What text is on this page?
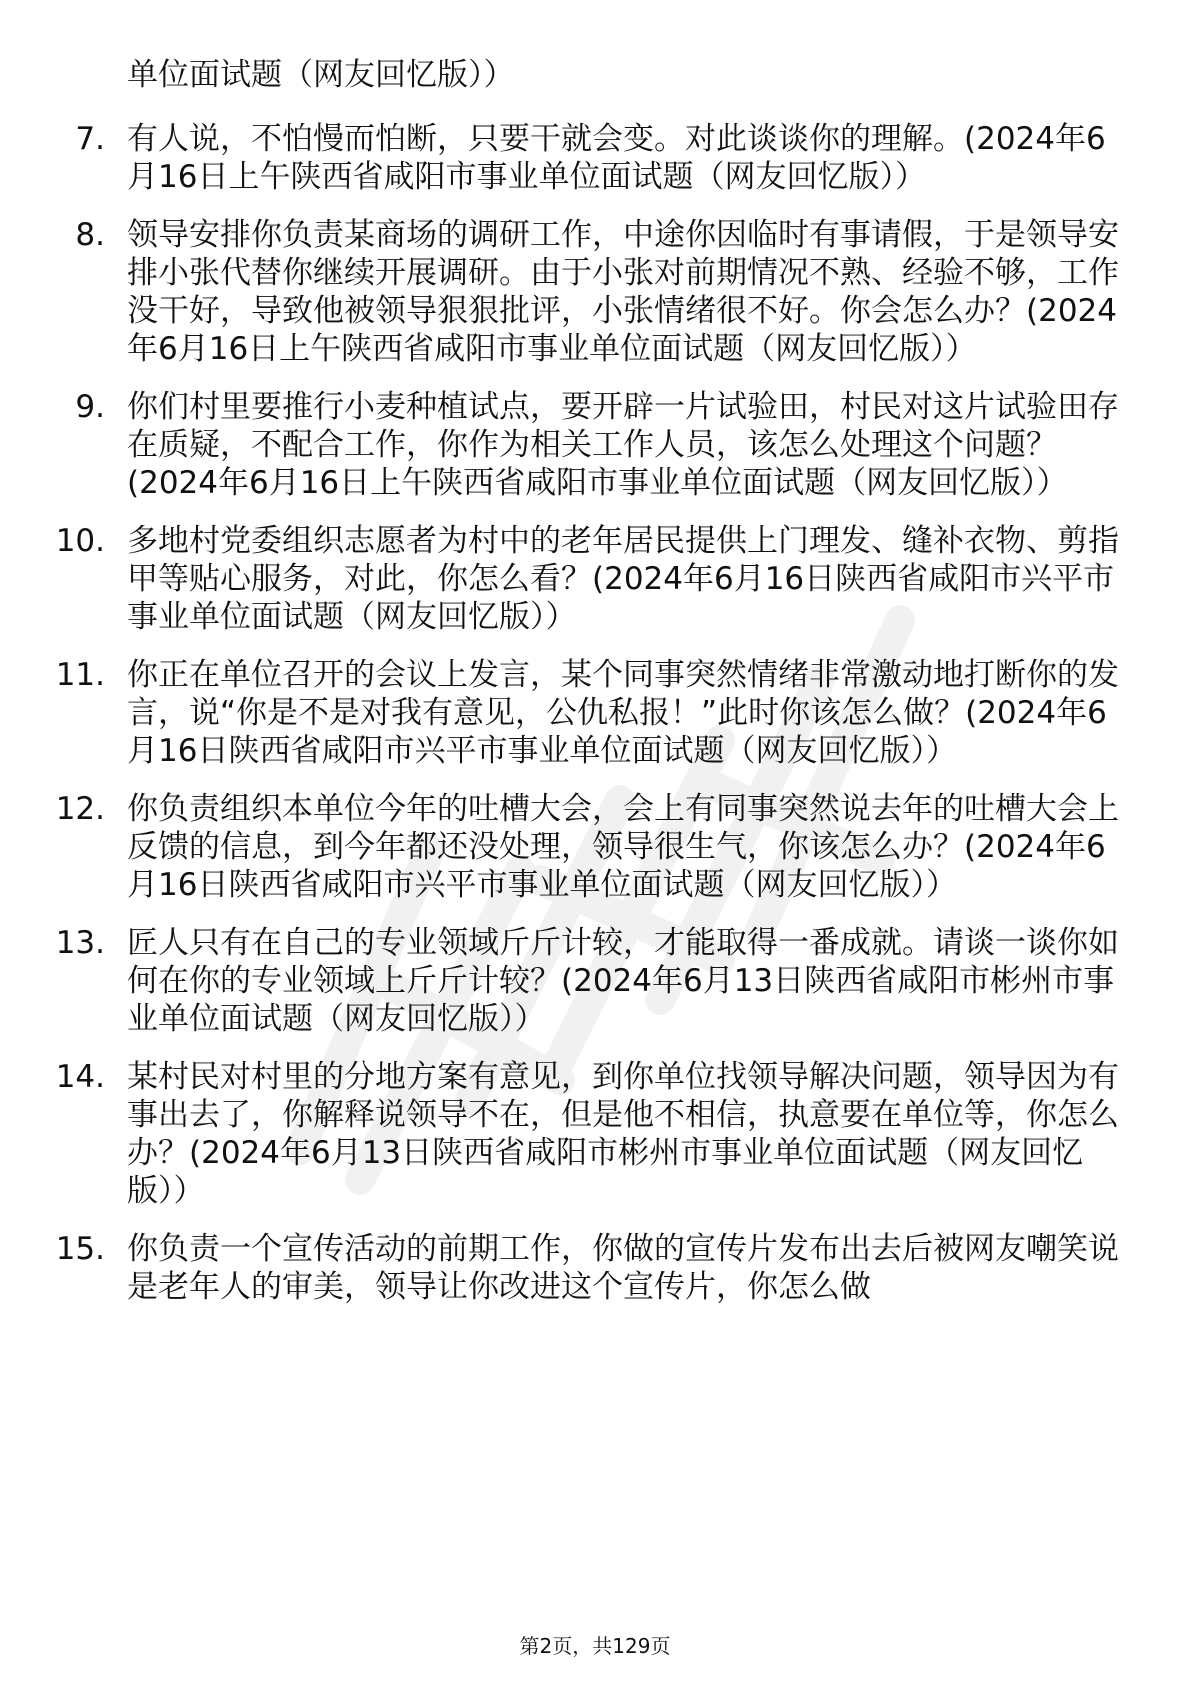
单位面试题（网友回忆版））

7. 有人说，不怕慢而怕断，只要干就会变。对此谈谈你的理解。(2024年6月16日上午陕西省咸阳市事业单位面试题（网友回忆版））
8. 领导安排你负责某商场的调研工作，中途你因临时有事请假，于是领导安排小张代替你继续开展调研。由于小张对前期情况不熟、经验不够，工作没干好，导致他被领导狠狠批评，小张情绪很不好。你会怎么办？(2024年6月16日上午陕西省咸阳市事业单位面试题（网友回忆版））
9. 你们村里要推行小麦种植试点，要开辟一片试验田，村民对这片试验田存在质疑，不配合工作，你作为相关工作人员，该怎么处理这个问题？(2024年6月16日上午陕西省咸阳市事业单位面试题（网友回忆版））
10. 多地村党委组织志愿者为村中的老年居民提供上门理发、缝补衣物、剪指甲等贴心服务，对此，你怎么看？(2024年6月16日陕西省咸阳市兴平市事业单位面试题（网友回忆版））
11. 你正在单位召开的会议上发言，某个同事突然情绪非常激动地打断你的发言，说“你是不是对我有意见，公仇私报！”此时你该怎么做？(2024年6月16日陕西省咸阳市兴平市事业单位面试题（网友回忆版））
12. 你负责组织本单位今年的吐槽大会，会上有同事突然说去年的吐槽大会上反馈的信息，到今年都还没处理，领导很生气，你该怎么办？(2024年6月16日陕西省咸阳市兴平市事业单位面试题（网友回忆版））
13. 匠人只有在自己的专业领域斤斤计较，才能取得一番成就。请谈一谈你如何在你的专业领域上斤斤计较？(2024年6月13日陕西省咸阳市彬州市事业单位面试题（网友回忆版））
14. 某村民对村里的分地方案有意见，到你单位找领导解决问题，领导因为有事出去了，你解释说领导不在，但是他不相信，执意要在单位等，你怎么办？(2024年6月13日陕西省咸阳市彬州市事业单位面试题（网友回忆版））
15. 你负责一个宣传活动的前期工作，你做的宣传片发布出去后被网友嘲笑说是老年人的审美，领导让你改进这个宣传片，你怎么做
第2页，共129页
